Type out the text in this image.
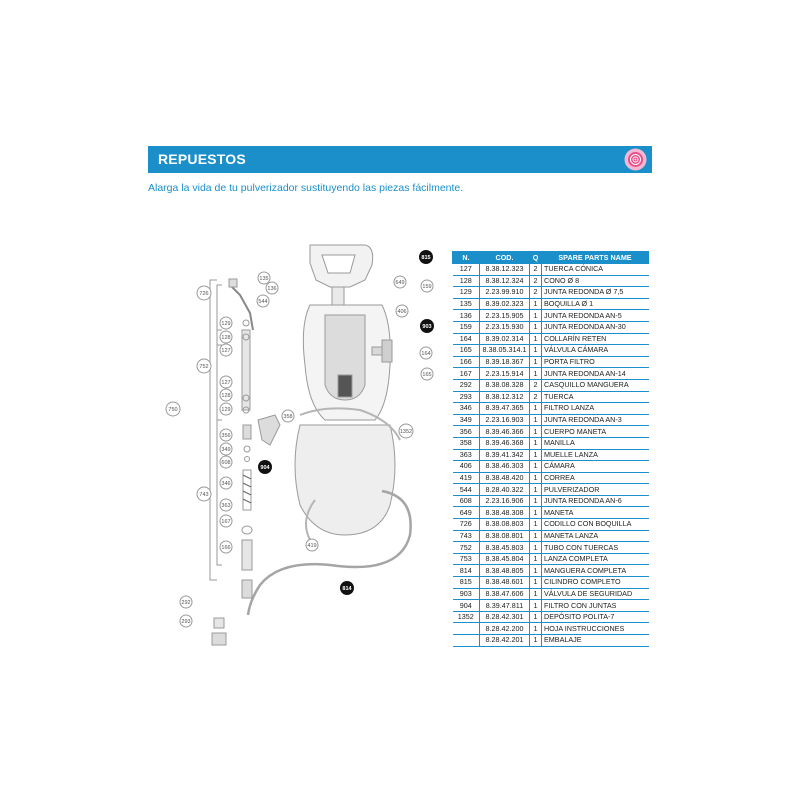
REPUESTOS
Alarga la vida de tu pulverizador sustituyendo las piezas fácilmente.
815
649
159
406
903
164
165
1352
419
814
135
136
544
726
752
750
743
904
358
356
349
608
346
363
167
166
129
128
127
127
128
129
292
293
N.	COD.	Q	SPARE PARTS NAME
127	8.38.12.323	2	TUERCA CÓNICA
128	8.38.12.324	2	CONO Ø 8
129	2.23.99.910	2	JUNTA REDONDA Ø 7,5
135	8.39.02.323	1	BOQUILLA Ø 1
136	2.23.15.905	1	JUNTA REDONDA AN-5
159	2.23.15.930	1	JUNTA REDONDA AN-30
164	8.39.02.314	1	COLLARÍN RETEN
165	8.38.05.314.1	1	VÁLVULA CÁMARA
166	8.39.18.367	1	PORTA FILTRO
167	2.23.15.914	1	JUNTA REDONDA AN-14
292	8.38.08.328	2	CASQUILLO MANGUERA
293	8.38.12.312	2	TUERCA
346	8.39.47.365	1	FILTRO LANZA
349	2.23.16.903	1	JUNTA REDONDA AN-3
356	8.39.46.366	1	CUERPO MANETA
358	8.39.46.368	1	MANILLA
363	8.39.41.342	1	MUELLE LANZA
406	8.38.46.303	1	CÁMARA
419	8.38.48.420	1	CORREA
544	8.28.40.322	1	PULVERIZADOR
608	2.23.16.906	1	JUNTA REDONDA AN-6
649	8.38.48.308	1	MANETA
726	8.38.08.803	1	CODILLO CON BOQUILLA
743	8.38.08.801	1	MANETA LANZA
752	8.38.45.803	1	TUBO CON TUERCAS
753	8.38.45.804	1	LANZA COMPLETA
814	8.38.48.805	1	MANGUERA COMPLETA
815	8.38.48.601	1	CILINDRO COMPLETO
903	8.38.47.606	1	VÁLVULA DE SEGURIDAD
904	8.39.47.811	1	FILTRO CON JUNTAS
1352	8.28.42.301	1	DEPÓSITO POLITA-7
	8.28.42.200	1	HOJA INSTRUCCIONES
	8.28.42.201	1	EMBALAJE
